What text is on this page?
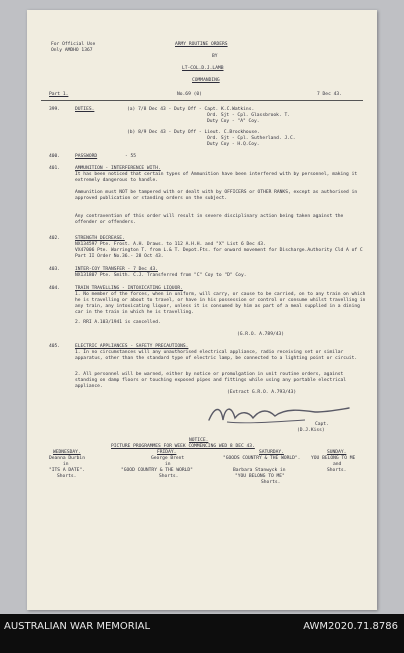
For Official Use
Only AMDHO 1367
ARMY ROUTINE ORDERS
BY
LT-COL.D.J.LAMB
COMMANDING
Part 1.	No.69 (0)	7 Dec 43.
399.	DUTIES.	(a) 7/8 Dec 43 - Duty Off - Capt. K.C.Watkins.
Ord. Sjt - Cpl. Glassbrook. T.
Duty Coy - "A" Coy.
(b) 8/9 Dec 43 - Duty Off - Lieut. C.Brockhouse.
Ord. Sjt - Cpl. Sutherland. J.C.
Duty Coy - H.Q.Coy.
400.	PASSWORD	- 55
401.	AMMUNITION - INTERFERENCE WITH.
It has been noticed that certain types of Ammunition have been interfered with by personnel, making it extremely dangerous to handle.
Ammunition must NOT be tampered with or dealt with by OFFICERS or OTHER RANKS, except as authorised in approved publication or standing orders on the subject.
Any contravention of this order will result in severe disciplinary action being taken against the offender or offenders.
402.	STRENGTH DECREASE.
NX134597 Pte. Frost. A.H. Draws. to 112 A.H.H. and "X" List 6 Dec 43.
VX47006 Pte. Warrington T. from L.& T. Depot.Fts. for onward movement for Discharge.Authority Cld A of C Part II Order No.36.- 28 Oct 43.
403.	INTER-COY TRANSFER - 7 Dec 43.
NX131807 Pte. Smith. C.J. Transferred from "C" Coy to "D" Coy.
404.	TRAIN TRAVELLING - INTOXICATING LIQUOR.
1. No member of the forces, when in uniform, will carry, or cause to be carried, on to any train on which he is travelling or about to travel, or have in his possession or control or consume whilst travelling in any train, any intoxicating liquor, unless it is consumed by him as part of a meal supplied in a dining car in the train in which he is travelling.
2. RRI A.103/1941 is cancelled.
(G.R.O. A.789/43)
405.	ELECTRIC APPLIANCES - SAFETY PRECAUTIONS.
1. In no circumstances will any unauthorised electrical appliance, radio receiving set or similar apparatus, other than the standard type of electric lamp, be connected to a lighting point or circuit.
2. All personnel will be warned, either by notice or promulgation in unit routine orders, against standing on damp floors or touching exposed pipes and fittings while using any portable electrical appliance.
(Extract G.R.O. A.793/43)
Capt.
(D.J.Kiss)
NOTICE.
PICTURE PROGRAMMES FOR WEEK COMMENCING WED 8 DEC 43.
WEDNESDAY.
Deanna Durbin
in
"ITS A DATE".
Shorts.
FRIDAY.
George Brent
in
"GOOD COUNTRY & THE WORLD"
Shorts.
SATURDAY.
"GOODS COUNTRY & THE WORLD".
Barbara Stanwyck in
"YOU BELONG TO ME"
Shorts.
SUNDAY.
YOU BELONG TO ME
and
Shorts.
AUSTRALIAN WAR MEMORIAL	AWM2020.71.8786
